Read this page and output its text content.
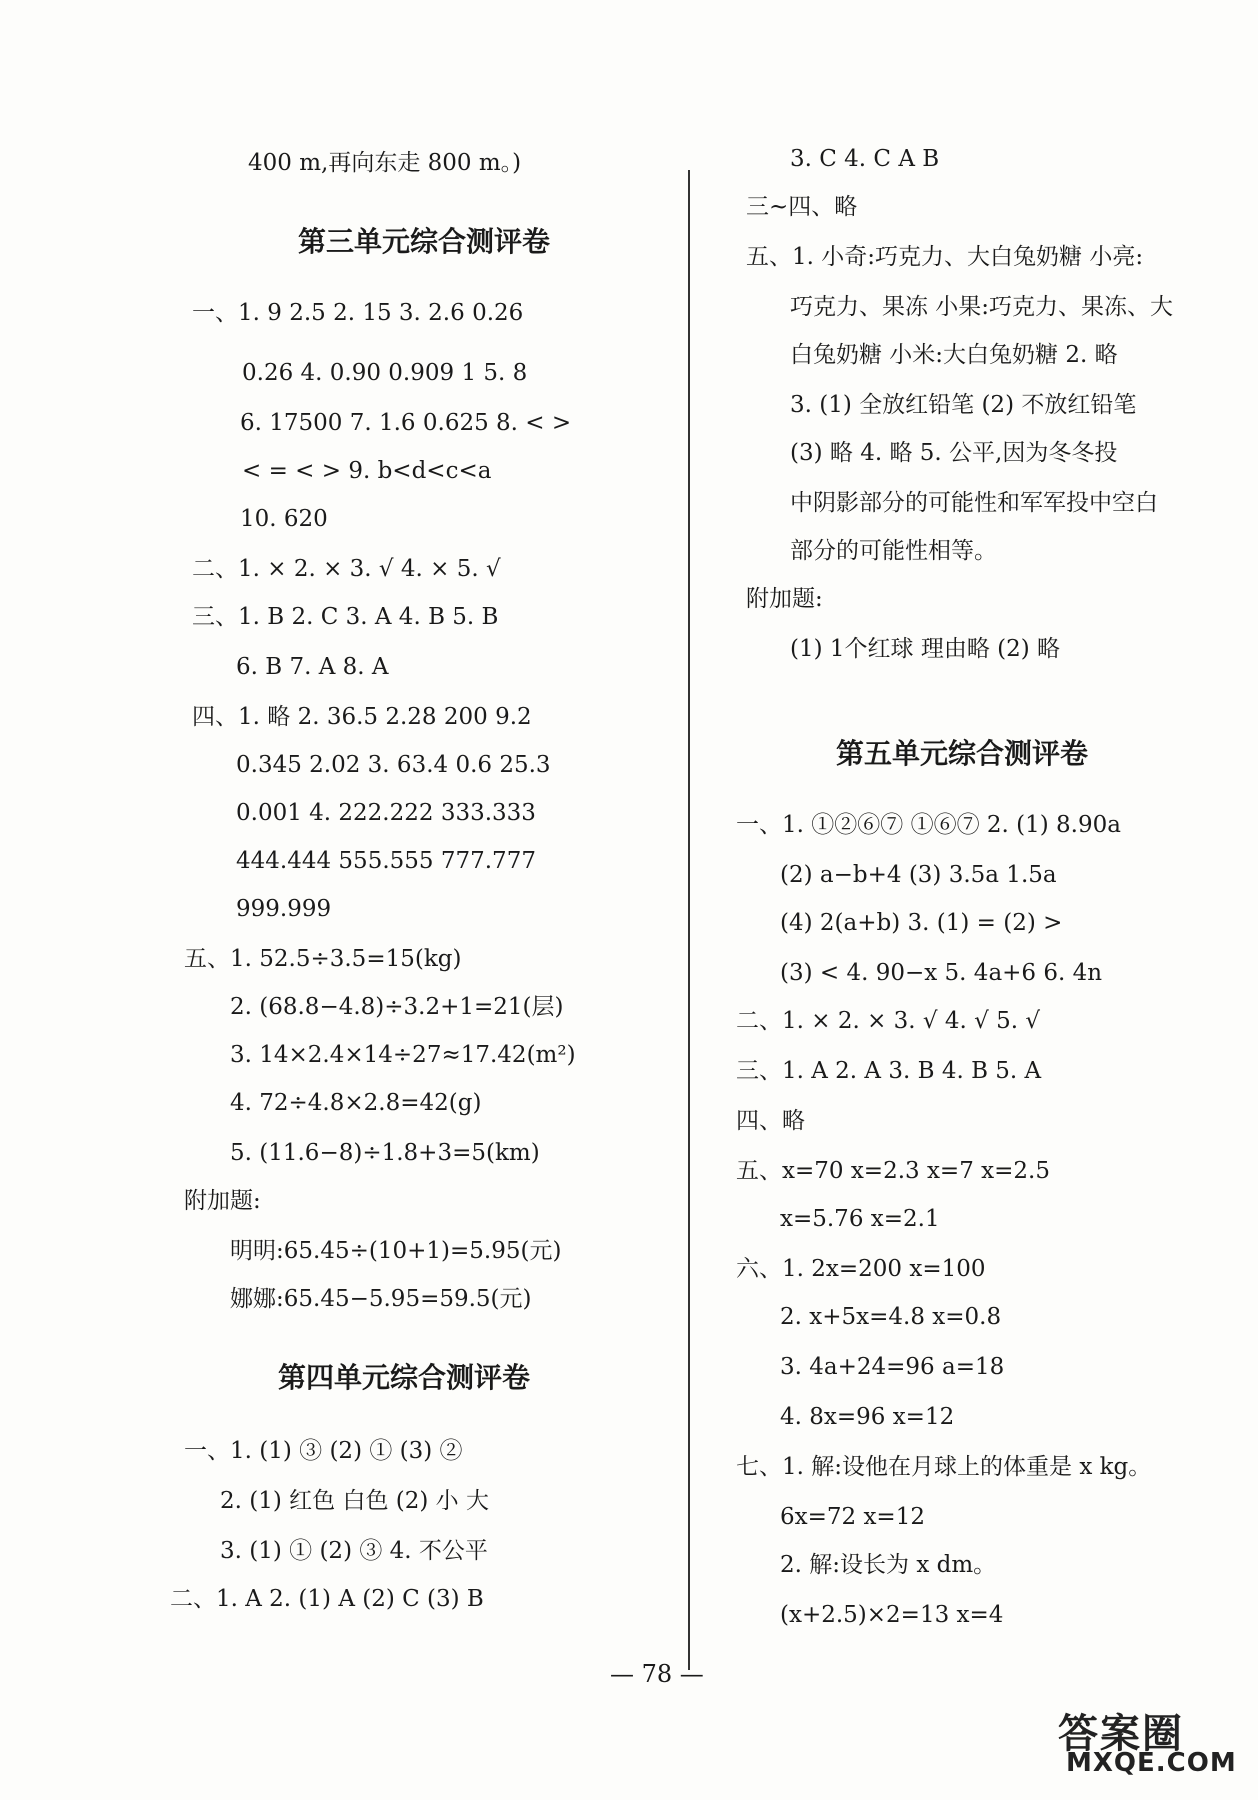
400 m,再向东走 800 m。)
第三单元综合测评卷
一、1. 9 2.5 2. 15 3. 2.6 0.26
0.26 4. 0.90 0.909 1 5. 8
6. 17500 7. 1.6 0.625 8. < >
< = < > 9. b<d<c<a
10. 620
二、1. × 2. × 3. √ 4. × 5. √
三、1. B 2. C 3. A 4. B 5. B
6. B 7. A 8. A
四、1. 略 2. 36.5 2.28 200 9.2
0.345 2.02 3. 63.4 0.6 25.3
0.001 4. 222.222 333.333
444.444 555.555 777.777
999.999
五、1. 52.5÷3.5=15(kg)
2. (68.8−4.8)÷3.2+1=21(层)
3. 14×2.4×14÷27≈17.42(m²)
4. 72÷4.8×2.8=42(g)
5. (11.6−8)÷1.8+3=5(km)
附加题:
明明:65.45÷(10+1)=5.95(元)
娜娜:65.45−5.95=59.5(元)
第四单元综合测评卷
一、1. (1) ③ (2) ① (3) ②
2. (1) 红色 白色 (2) 小 大
3. (1) ① (2) ③ 4. 不公平
二、1. A 2. (1) A (2) C (3) B
3. C 4. C A B
三~四、略
五、1. 小奇:巧克力、大白兔奶糖 小亮:
巧克力、果冻 小果:巧克力、果冻、大
白兔奶糖 小米:大白兔奶糖 2. 略
3. (1) 全放红铅笔 (2) 不放红铅笔
(3) 略 4. 略 5. 公平,因为冬冬投
中阴影部分的可能性和军军投中空白
部分的可能性相等。
附加题:
(1) 1个红球 理由略 (2) 略
第五单元综合测评卷
一、1. ①②⑥⑦ ①⑥⑦ 2. (1) 8.90a
(2) a−b+4 (3) 3.5a 1.5a
(4) 2(a+b) 3. (1) = (2) >
(3) < 4. 90−x 5. 4a+6 6. 4n
二、1. × 2. × 3. √ 4. √ 5. √
三、1. A 2. A 3. B 4. B 5. A
四、略
五、x=70 x=2.3 x=7 x=2.5
x=5.76 x=2.1
六、1. 2x=200 x=100
2. x+5x=4.8 x=0.8
3. 4a+24=96 a=18
4. 8x=96 x=12
七、1. 解:设他在月球上的体重是 x kg。
6x=72 x=12
2. 解:设长为 x dm。
(x+2.5)×2=13 x=4
— 78 —
答案圈
MXQE.COM
